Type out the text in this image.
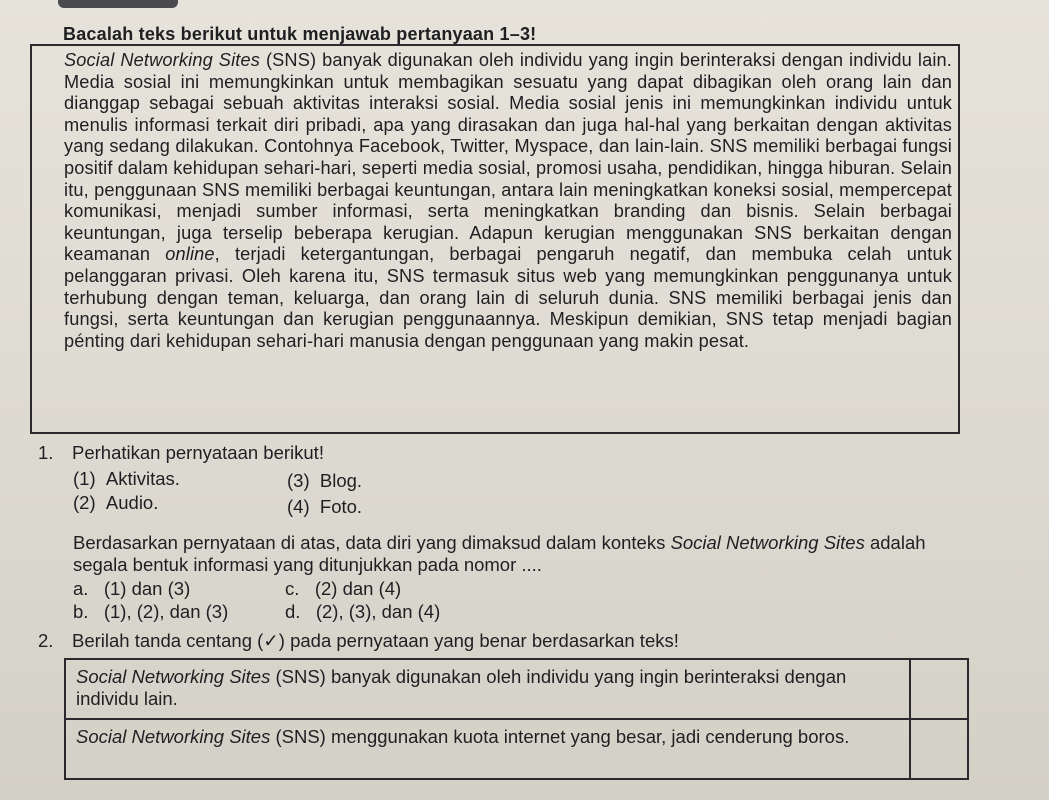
Bacalah teks berikut untuk menjawab pertanyaan 1–3!
Social Networking Sites (SNS) banyak digunakan oleh individu yang ingin berinteraksi dengan individu lain. Media sosial ini memungkinkan untuk membagikan sesuatu yang dapat dibagikan oleh orang lain dan dianggap sebagai sebuah aktivitas interaksi sosial. Media sosial jenis ini memungkinkan individu untuk menulis informasi terkait diri pribadi, apa yang dirasakan dan juga hal-hal yang berkaitan dengan aktivitas yang sedang dilakukan. Contohnya Facebook, Twitter, Myspace, dan lain-lain. SNS memiliki berbagai fungsi positif dalam kehidupan sehari-hari, seperti media sosial, promosi usaha, pendidikan, hingga hiburan. Selain itu, penggunaan SNS memiliki berbagai keuntungan, antara lain meningkatkan koneksi sosial, mempercepat komunikasi, menjadi sumber informasi, serta meningkatkan branding dan bisnis. Selain berbagai keuntungan, juga terselip beberapa kerugian. Adapun kerugian menggunakan SNS berkaitan dengan keamanan online, terjadi ketergantungan, berbagai pengaruh negatif, dan membuka celah untuk pelanggaran privasi. Oleh karena itu, SNS termasuk situs web yang memungkinkan penggunanya untuk terhubung dengan teman, keluarga, dan orang lain di seluruh dunia. SNS memiliki berbagai jenis dan fungsi, serta keuntungan dan kerugian penggunaannya. Meskipun demikian, SNS tetap menjadi bagian pénting dari kehidupan sehari-hari manusia dengan penggunaan yang makin pesat.
1. Perhatikan pernyataan berikut!
(1) Aktivitas.
(2) Audio.
(3) Blog.
(4) Foto.
Berdasarkan pernyataan di atas, data diri yang dimaksud dalam konteks Social Networking Sites adalah segala bentuk informasi yang ditunjukkan pada nomor ....
a. (1) dan (3)
b. (1), (2), dan (3)
c. (2) dan (4)
d. (2), (3), dan (4)
2. Berilah tanda centang (✓) pada pernyataan yang benar berdasarkan teks!
Social Networking Sites (SNS) banyak digunakan oleh individu yang ingin berinteraksi dengan individu lain.
Social Networking Sites (SNS) menggunakan kuota internet yang besar, jadi cenderung boros.
